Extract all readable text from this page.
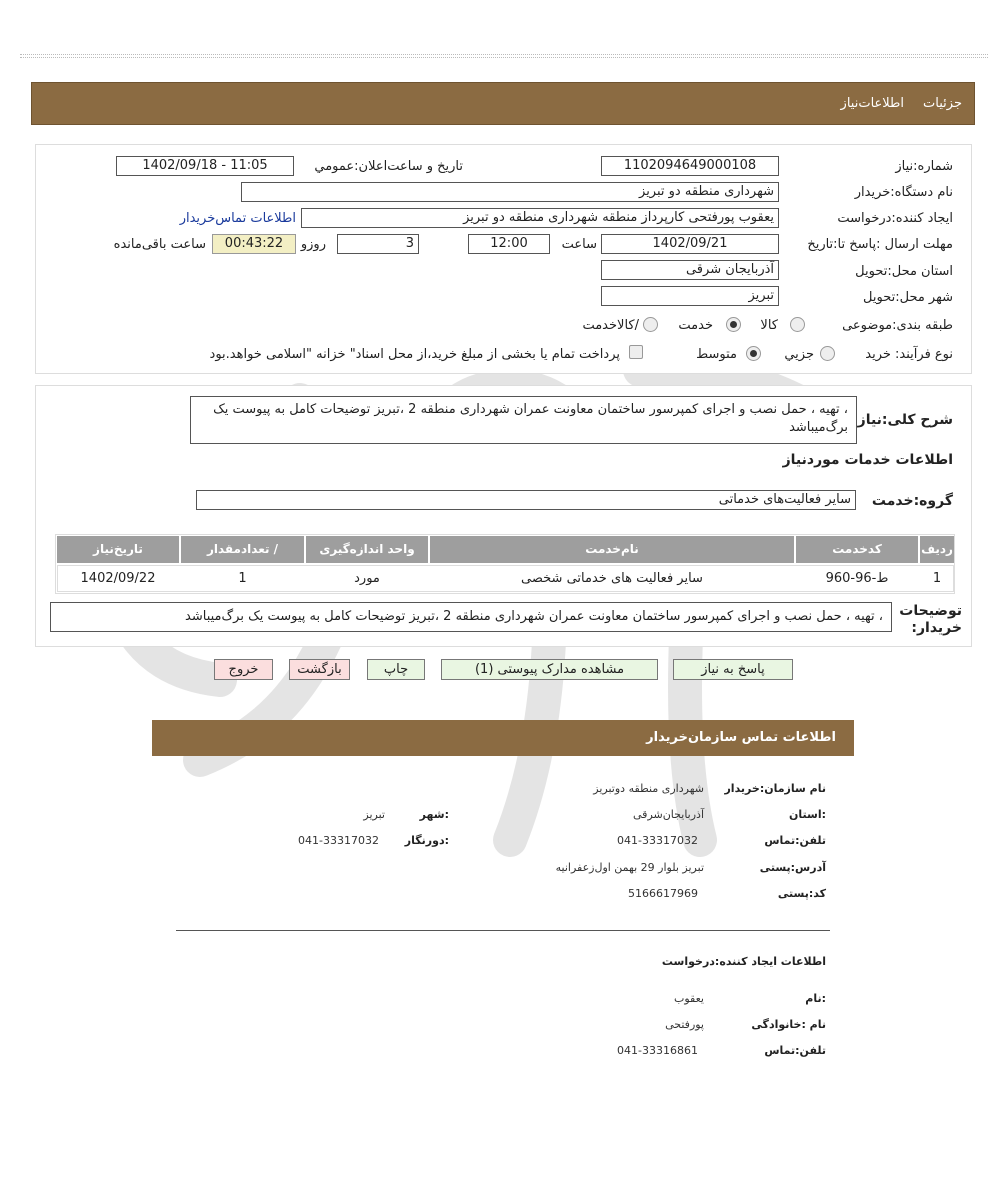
اطلاعات‌نیاز جزئیات
شماره:نیاز
1102094649000108
تاریخ و ساعت‌اعلان:عمومي
1402/09/18 - 11:05
نام دستگاه:خریدار
شهرداری منطقه دو تبریز
ایجاد کننده:درخواست
یعقوب پورفتحی کارپرداز منطقه شهرداری منطقه دو تبریز
اطلاعات تماس‌خریدار
مهلت ارسال :پاسخ تا:تاریخ
1402/09/21
ساعت
12:00
3
روزو
00:43:22
ساعت باقی‌مانده
استان محل:تحویل
آذربایجان شرقی
شهر محل:تحویل
تبریز
طبقه بندی:موضوعی
کالا
خدمت
/کالاخدمت
نوع فرآیند: خرید
جزیي
متوسط
پرداخت تمام یا بخشی از مبلغ خرید،از محل اسناد" خزانه "اسلامی خواهد.بود
شرح کلی:نیاز
، تهیه ، حمل نصب و اجرای کمپرسور ساختمان معاونت عمران شهرداری منطقه 2 ،تبریز توضیحات کامل به پیوست یک برگ‌میباشد
اطلاعات خدمات موردنیاز
گروه:خدمت
سایر فعالیت‌های خدماتی
ردیف
کدخدمت
نام‌خدمت
واحد اندازه‌گیری
/ تعدادمقدار
تاریخ‌نیاز
1
ط-96-960
سایر فعالیت های خدماتی شخصی
مورد
1
1402/09/22
توضیحات
:خریدار
، تهیه ، حمل نصب و اجرای کمپرسور ساختمان معاونت عمران شهرداری منطقه 2 ،تبریز توضیحات کامل به پیوست یک برگ‌میباشد
پاسخ به نیاز
مشاهده مدارک پیوستی (1)
چاپ
بازگشت
خروج
اطلاعات تماس سازمان‌خریدار
نام سازمان:خریدار
شهرداری منطقه دوتبریز
:استان
آذربایجان‌شرقی
:شهر
تبریز
تلفن:تماس
041-33317032
:دورنگار
041-33317032
آدرس:پستی
تبریز بلوار 29 بهمن اول‌زعفرانیه
کد:پستی
5166617969
اطلاعات ایجاد کننده:درخواست
:نام
یعقوب
نام :خانوادگی
پورفتحی
تلفن:تماس
041-33316861
